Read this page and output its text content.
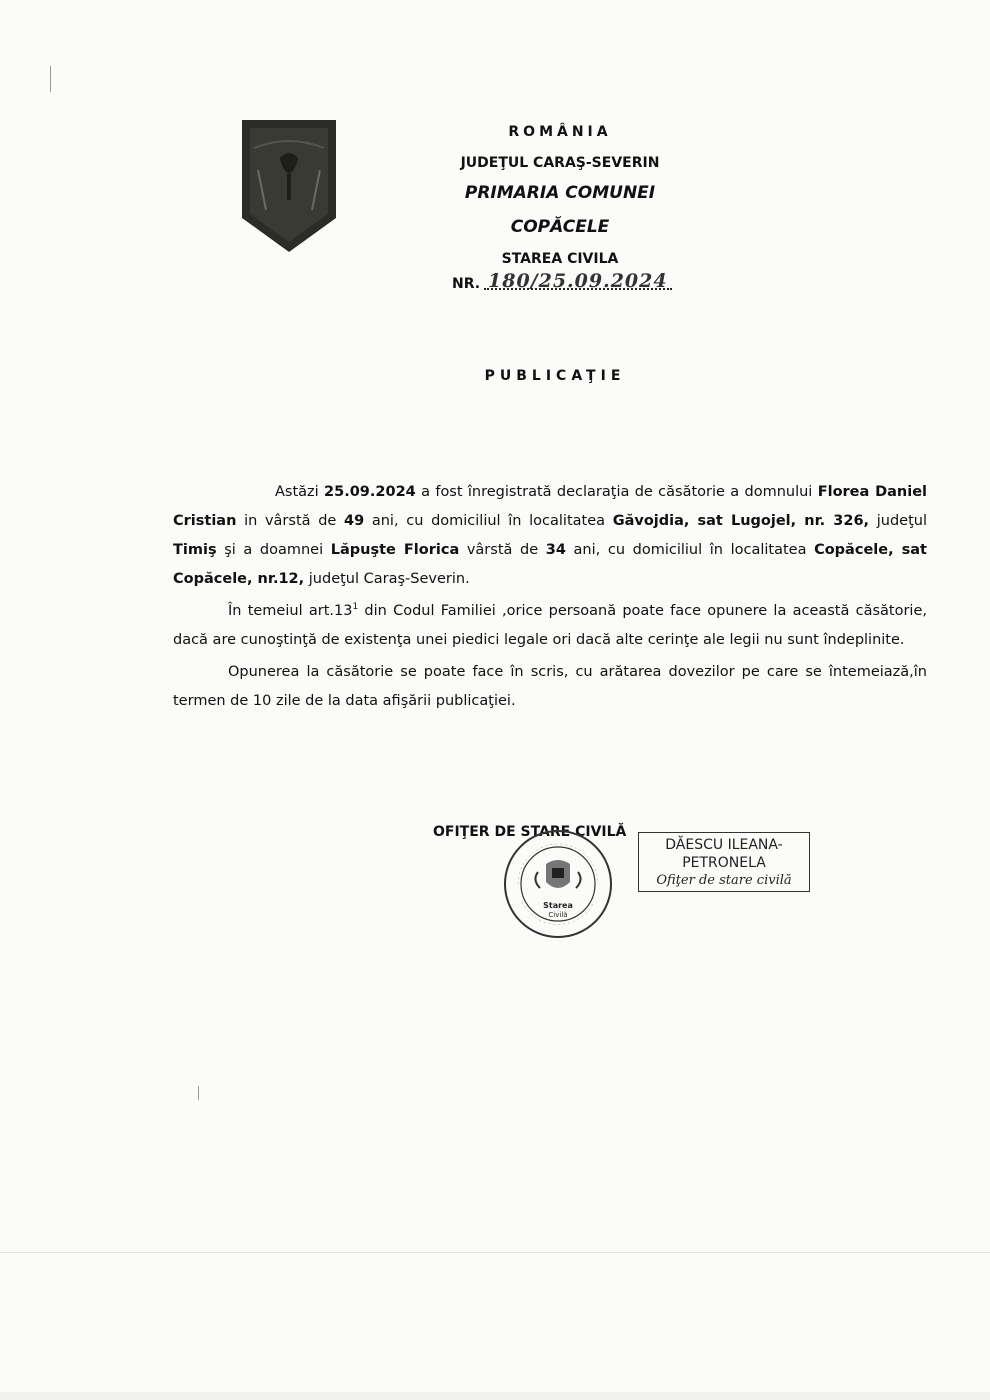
ROMÂNIA
JUDEŢUL CARAŞ-SEVERIN
PRIMARIA COMUNEI
COPĂCELE
STAREA CIVILA
NR. 180/25.09.2024
PUBLICAŢIE

Astăzi 25.09.2024 a fost înregistrată declaraţia de căsătorie a domnului Florea Daniel Cristian in vârstă de 49 ani, cu domiciliul în localitatea Găvojdia, sat Lugojel, nr. 326, judeţul Timiş şi a doamnei Lăpuşte Florica vârstă de 34 ani, cu domiciliul în localitatea Copăcele, sat Copăcele, nr.12, judeţul Caraş-Severin.

În temeiul $art.13^1$ din Codul Familiei ,orice persoană poate face opunere la această căsătorie, dacă are cunoştinţă de existenţa unei piedici legale ori dacă alte cerinţe ale legii nu sunt îndeplinite.

Opunerea la căsătorie se poate face în scris, cu arătarea dovezilor pe care se întemeiază,în termen de 10 zile de la data afişării publicaţiei.

OFIŢER DE STARE CIVILĂ
Starea
Civilă
DĂESCU ILEANA-PETRONELA
Ofiţer de stare civilă
